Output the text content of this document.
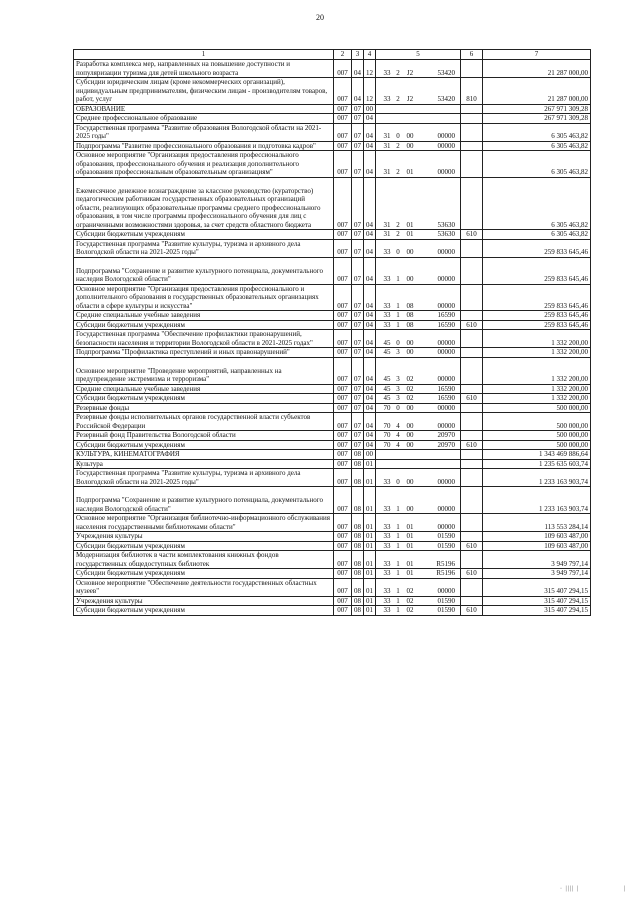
20
1	2	3	4	5	6	7
Разработка комплекса мер, направленных на повышение доступности и популяризации туризма для детей школьного возраста	007	04	12	33 2 J2 53420		21 287 000,00
Субсидии юридическим лицам (кроме некоммерческих организаций), индивидуальным предпринимателям, физическим лицам - производителям товаров, работ, услуг	007	04	12	33 2 J2 53420	810	21 287 000,00
ОБРАЗОВАНИЕ	007	07	00			267 971 309,28
Среднее профессиональное образование	007	07	04			267 971 309,28
Государственная программа "Развитие образования Вологодской области на 2021-2025 годы"	007	07	04	31 0 00 00000		6 305 463,82
Подпрограмма "Развитие профессионального образования и подготовка кадров"	007	07	04	31 2 00 00000		6 305 463,82
Основное мероприятие "Организация предоставления профессионального образования, профессионального обучения и реализация дополнительного образования профессиональным образовательным организациям"	007	07	04	31 2 01 00000		6 305 463,82
Ежемесячное денежное вознаграждение за классное руководство (кураторство) педагогическим работникам государственных образовательных организаций области, реализующих образовательные программы среднего профессионального образования, в том числе программы профессионального обучения для лиц с ограниченными возможностями здоровья, за счет средств областного бюджета	007	07	04	31 2 01 53630		6 305 463,82
Субсидии бюджетным учреждениям	007	07	04	31 2 01 53630	610	6 305 463,82
Государственная программа "Развитие культуры, туризма и архивного дела Вологодской области на 2021-2025 годы"	007	07	04	33 0 00 00000		259 833 645,46
Подпрограмма "Сохранение и развитие культурного потенциала, документального наследия Вологодской области"	007	07	04	33 1 00 00000		259 833 645,46
Основное мероприятие "Организация предоставления профессионального и дополнительного образования в государственных образовательных организациях области в сфере культуры и искусства"	007	07	04	33 1 08 00000		259 833 645,46
Средние специальные учебные заведения	007	07	04	33 1 08 16590		259 833 645,46
Субсидии бюджетным учреждениям	007	07	04	33 1 08 16590	610	259 833 645,46
Государственная программа "Обеспечение профилактики правонарушений, безопасности населения и территории Вологодской области в 2021-2025 годах"	007	07	04	45 0 00 00000		1 332 200,00
Подпрограмма "Профилактика преступлений и иных правонарушений"	007	07	04	45 3 00 00000		1 332 200,00
Основное мероприятие "Проведение мероприятий, направленных на предупреждение экстремизма и терроризма"	007	07	04	45 3 02 00000		1 332 200,00
Средние специальные учебные заведения	007	07	04	45 3 02 16590		1 332 200,00
Субсидии бюджетным учреждениям	007	07	04	45 3 02 16590	610	1 332 200,00
Резервные фонды	007	07	04	70 0 00 00000		500 000,00
Резервные фонды исполнительных органов государственной власти субъектов Российской Федерации	007	07	04	70 4 00 00000		500 000,00
Резервный фонд Правительства Вологодской области	007	07	04	70 4 00 20970		500 000,00
Субсидии бюджетным учреждениям	007	07	04	70 4 00 20970	610	500 000,00
КУЛЬТУРА, КИНЕМАТОГРАФИЯ	007	08	00			1 343 469 886,64
Культура	007	08	01			1 235 635 603,74
Государственная программа "Развитие культуры, туризма и архивного дела Вологодской области на 2021-2025 годы"	007	08	01	33 0 00 00000		1 233 163 903,74
Подпрограмма "Сохранение и развитие культурного потенциала, документального наследия Вологодской области"	007	08	01	33 1 00 00000		1 233 163 903,74
Основное мероприятие "Организация библиотечно-информационного обслуживания населения государственными библиотеками области"	007	08	01	33 1 01 00000		113 553 284,14
Учреждения культуры	007	08	01	33 1 01 01590		109 603 487,00
Субсидии бюджетным учреждениям	007	08	01	33 1 01 01590	610	109 603 487,00
Модернизация библиотек в части комплектования книжных фондов государственных общедоступных библиотек	007	08	01	33 1 01 R5196		3 949 797,14
Субсидии бюджетным учреждениям	007	08	01	33 1 01 R5196	610	3 949 797,14
Основное мероприятие "Обеспечение деятельности государственных областных музеев"	007	08	01	33 1 02 00000		315 407 294,15
Учреждения культуры	007	08	01	33 1 02 01590		315 407 294,15
Субсидии бюджетным учреждениям	007	08	01	33 1 02 01590	610	315 407 294,15
· |||| |	|
